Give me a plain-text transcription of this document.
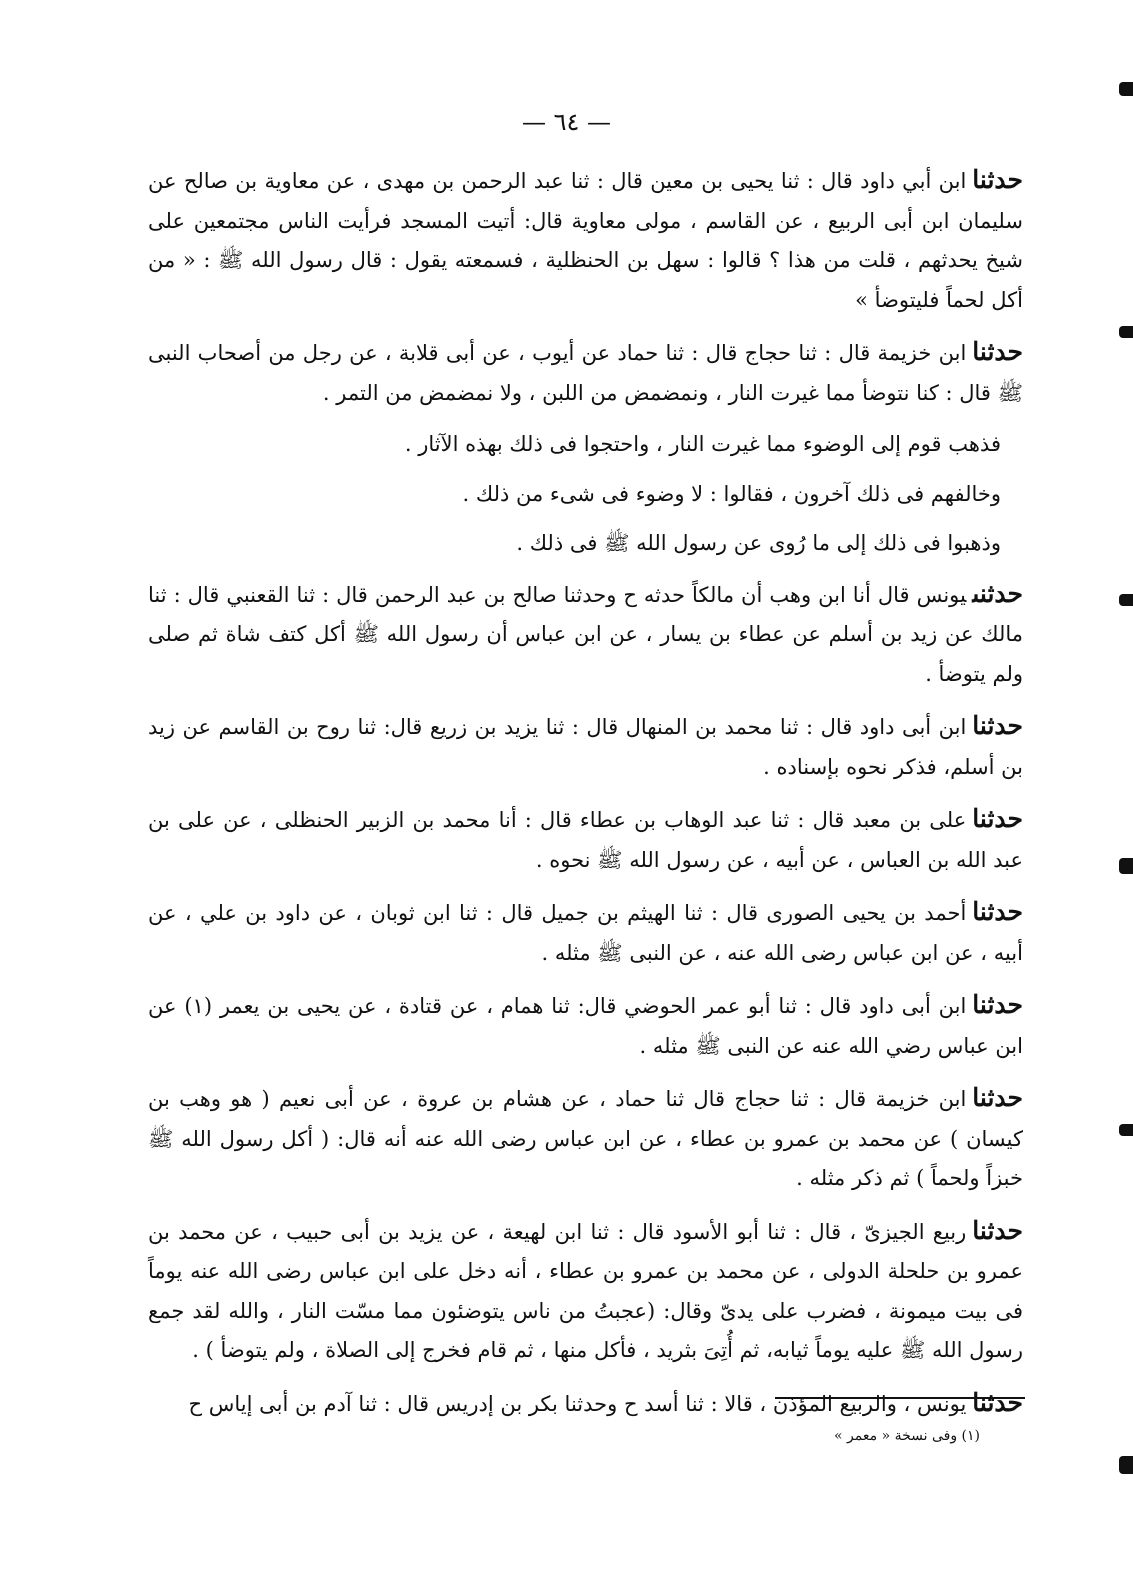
— ٦٤ —

حدثناابن أبي داود قال : ثنا يحيى بن معين قال : ثنا عبد الرحمن بن مهدى ، عن معاوية بن صالح عن سليمان ابن أبى الربيع ، عن القاسم ، مولى معاوية قال: أتيت المسجد فرأيت الناس مجتمعين على شيخ يحدثهم ، قلت من هذا ؟ قالوا : سهل بن الحنظلية ، فسمعته يقول : قال رسول الله ﷺ : « من أكل لحماً فليتوضأ »

حدثناابن خزيمة قال : ثنا حجاج قال : ثنا حماد عن أيوب ، عن أبى قلابة ، عن رجل من أصحاب النبى ﷺ قال : كنا نتوضأ مما غيرت النار ، ونمضمض من اللبن ، ولا نمضمض من التمر .

فذهب قوم إلى الوضوء مما غيرت النار ، واحتجوا فى ذلك بهذه الآثار .

وخالفهم فى ذلك آخرون ، فقالوا : لا وضوء فى شىء من ذلك .

وذهبوا فى ذلك إلى ما رُوى عن رسول الله ﷺ فى ذلك .

حدثنىيونس قال أنا ابن وهب أن مالكاً حدثه ح وحدثنا صالح بن عبد الرحمن قال : ثنا القعنبي قال : ثنا مالك عن زيد بن أسلم عن عطاء بن يسار ، عن ابن عباس أن رسول الله ﷺ أكل كتف شاة ثم صلى ولم يتوضأ .

حدثناابن أبى داود قال : ثنا محمد بن المنهال قال : ثنا يزيد بن زريع قال: ثنا روح بن القاسم عن زيد بن أسلم، فذكر نحوه بإسناده .

حدثناعلى بن معبد قال : ثنا عبد الوهاب بن عطاء قال : أنا محمد بن الزبير الحنظلى ، عن على بن عبد الله بن العباس ، عن أبيه ، عن رسول الله ﷺ نحوه .

حدثناأحمد بن يحيى الصورى قال : ثنا الهيثم بن جميل قال : ثنا ابن ثوبان ، عن داود بن علي ، عن أبيه ، عن ابن عباس رضى الله عنه ، عن النبى ﷺ مثله .

حدثناابن أبى داود قال : ثنا أبو عمر الحوضي قال: ثنا همام ، عن قتادة ، عن يحيى بن يعمر (١) عن ابن عباس رضي الله عنه عن النبى ﷺ مثله .

حدثناابن خزيمة قال : ثنا حجاج قال ثنا حماد ، عن هشام بن عروة ، عن أبى نعيم ( هو وهب بن كيسان ) عن محمد بن عمرو بن عطاء ، عن ابن عباس رضى الله عنه أنه قال: ( أكل رسول الله ﷺ خبزاً ولحماً ) ثم ذكر مثله .

حدثناربيع الجيزىّ ، قال : ثنا أبو الأسود قال : ثنا ابن لهيعة ، عن يزيد بن أبى حبيب ، عن محمد بن عمرو بن حلحلة الدولى ، عن محمد بن عمرو بن عطاء ، أنه دخل على ابن عباس رضى الله عنه يوماً فى بيت ميمونة ، فضرب على يدىّ وقال: (عجبتُ من ناس يتوضئون مما مسّت النار ، والله لقد جمع رسول الله ﷺ عليه يوماً ثيابه، ثم أُتِىَ بثريد ، فأكل منها ، ثم قام فخرج إلى الصلاة ، ولم يتوضأ ) .

حدثنايونس ، والربيع المؤذن ، قالا : ثنا أسد ح وحدثنا بكر بن إدريس قال : ثنا آدم بن أبى إياس ح

(١) وفى نسخة « معمر »
